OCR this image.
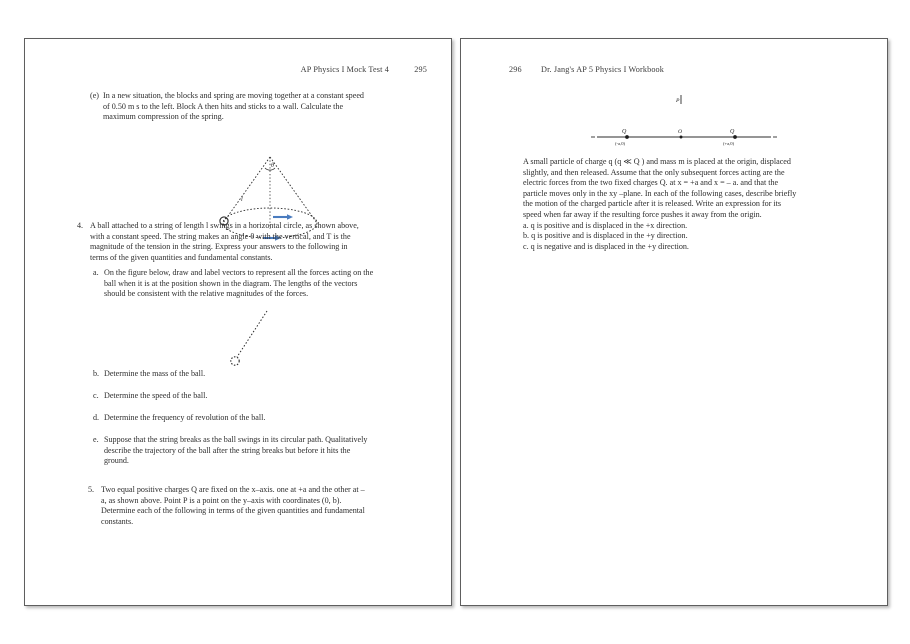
AP Physics I Mock Test 4	295
(e) In a new situation, the blocks and spring are moving together at a constant speed
of 0.50 m s to the left. Block A then hits and sticks to a wall. Calculate the
maximum compression of the spring.
θ
l
4. A ball attached to a string of length l swings in a horizontal circle, as shown above,
with a constant speed. The string makes an angle θ with the vertical, and T is the
magnitude of the tension in the string. Express your answers to the following in
terms of the given quantities and fundamental constants.
a. On the figure below, draw and label vectors to represent all the forces acting on the
ball when it is at the position shown in the diagram. The lengths of the vectors
should be consistent with the relative magnitudes of the forces.
b. Determine the mass of the ball.
c. Determine the speed of the ball.
d. Determine the frequency of revolution of the ball.
e. Suppose that the string breaks as the ball swings in its circular path. Qualitatively
describe the trajectory of the ball after the string breaks but before it hits the
ground.
5. Two equal positive charges Q are fixed on the x–axis. one at +a and the other at –
a, as shown above. Point P is a point on the y–axis with coordinates (0, b).
Determine each of the following in terms of the given quantities and fundamental
constants.
296 Dr. Jang's AP 5 Physics I Workbook
P
Q
(-a,0)
O	Q
(+a,0)
A small particle of charge q (q ≪ Q ) and mass m is placed at the origin, displaced
slightly, and then released. Assume that the only subsequent forces acting are the
electric forces from the two fixed charges Q. at x = +a and x = – a. and that the
particle moves only in the xy –plane. In each of the following cases, describe briefly
the motion of the charged particle after it is released. Write an expression for its
speed when far away if the resulting force pushes it away from the origin.
a. q is positive and is displaced in the +x direction.
b. q is positive and is displaced in the +y direction.
c. q is negative and is displaced in the +y direction.
